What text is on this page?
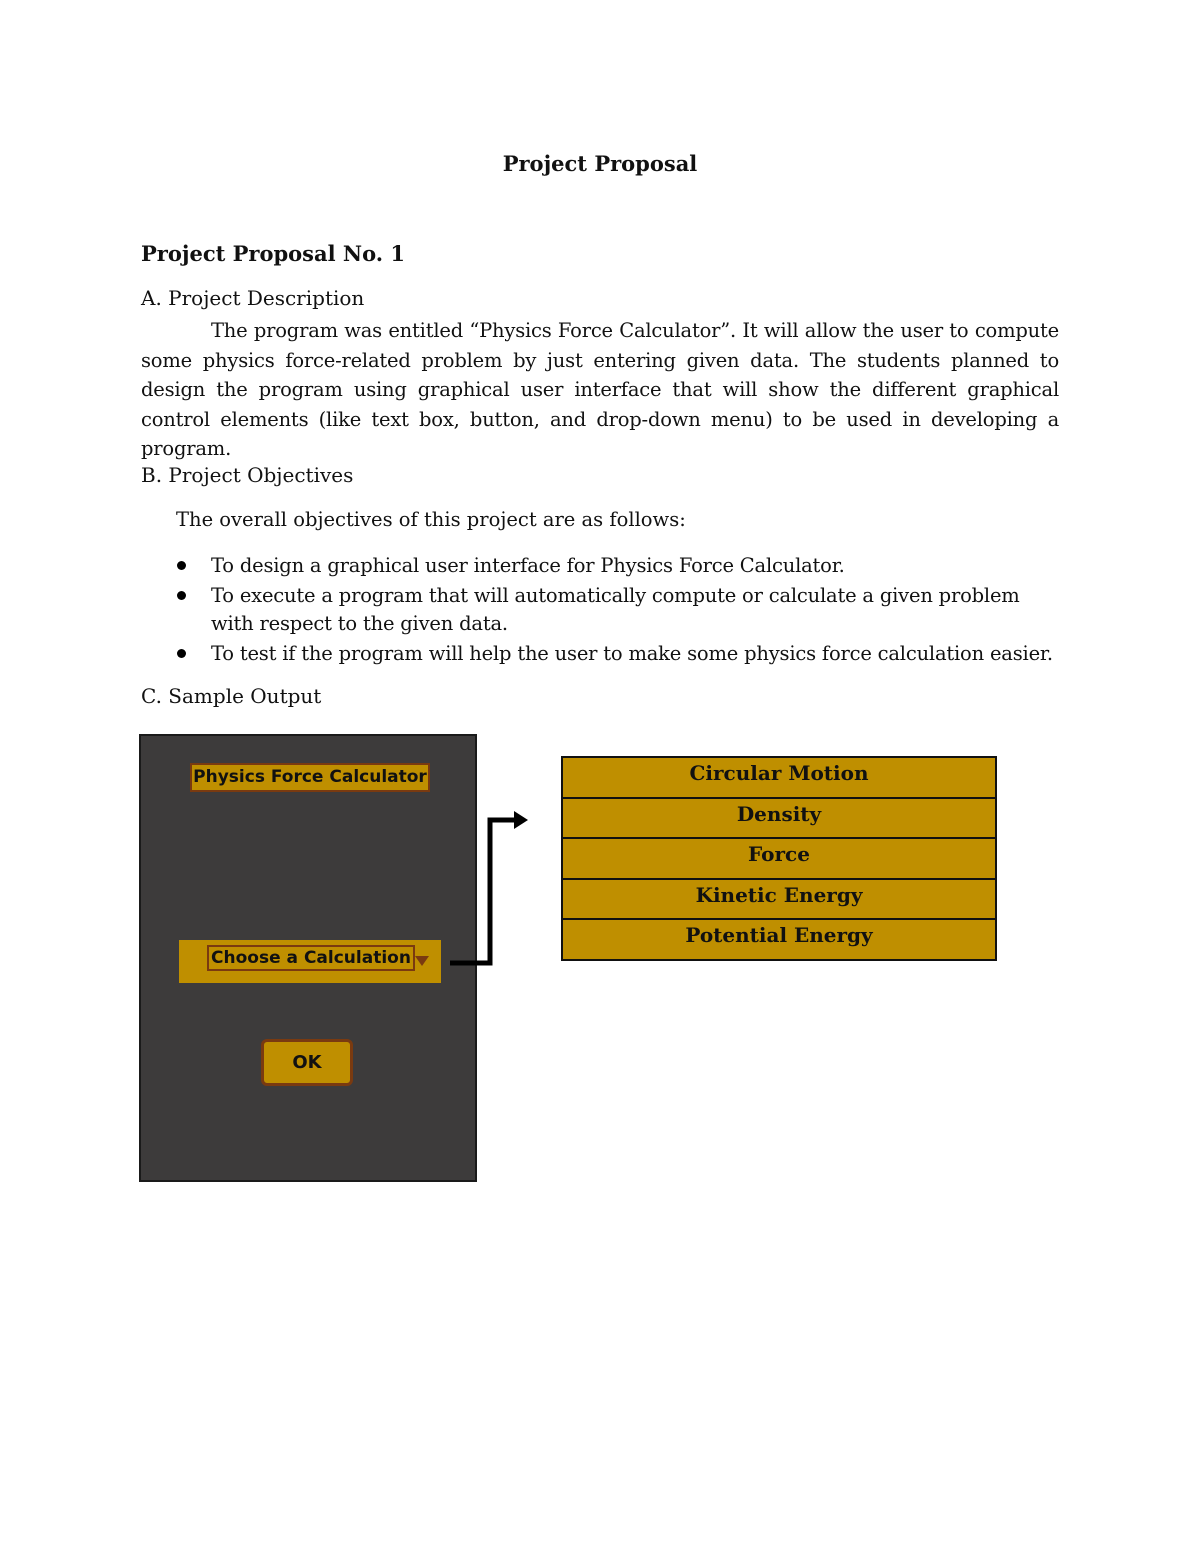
Project Proposal
Project Proposal No. 1
A. Project Description

The program was entitled “Physics Force Calculator”. It will allow the user to compute some physics force-related problem by just entering given data. The students planned to design the program using graphical user interface that will show the different graphical control elements (like text box, button, and drop-down menu) to be used in developing a program.

B. Project Objectives
The overall objectives of this project are as follows:
To design a graphical user interface for Physics Force Calculator.
To execute a program that will automatically compute or calculate a given problem with respect to the given data.
To test if the program will help the user to make some physics force calculation easier.
C. Sample Output
Physics Force Calculator
Choose a Calculation
OK
Circular Motion
Density
Force
Kinetic Energy
Potential Energy
